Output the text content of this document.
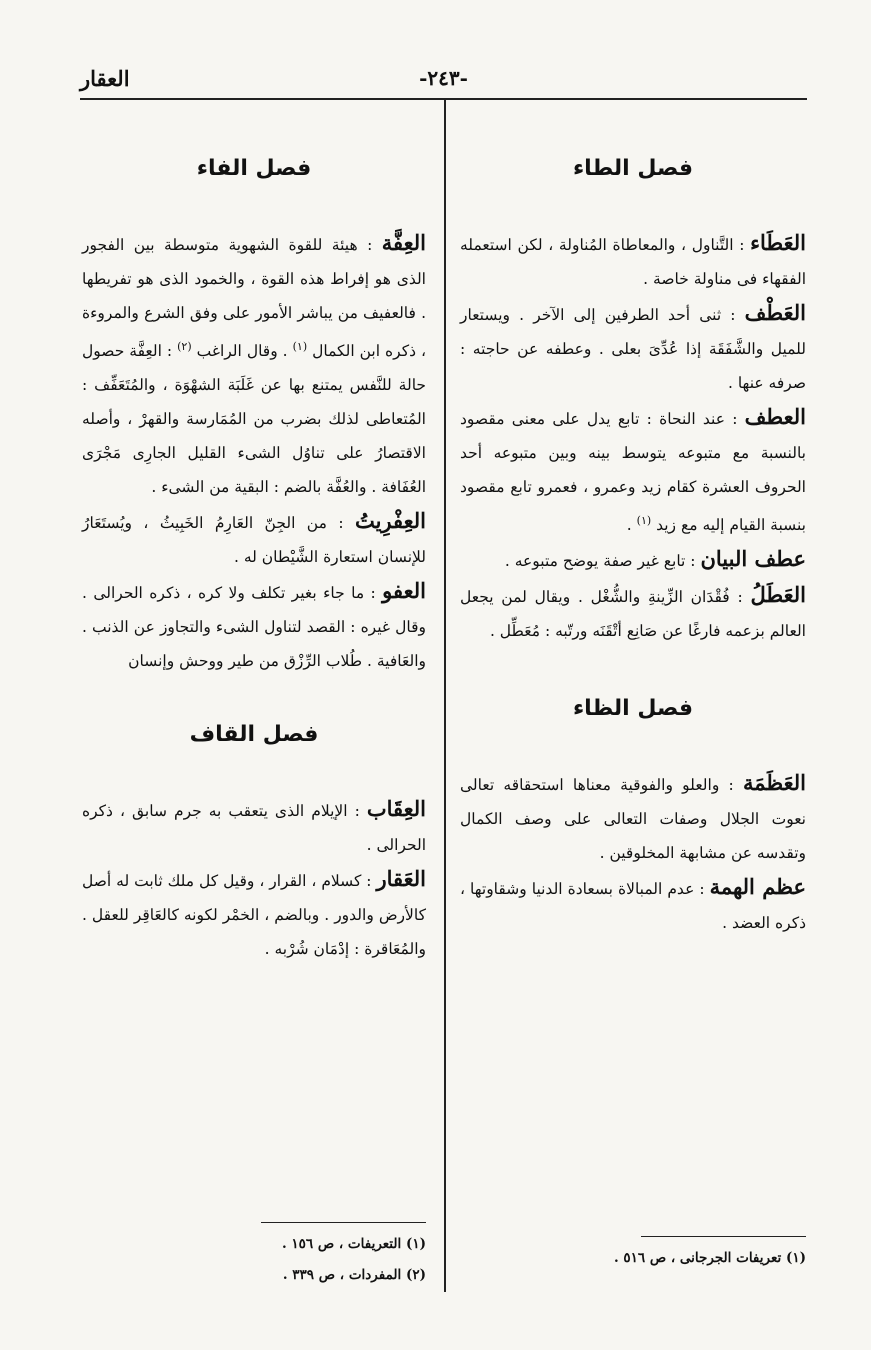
-٢٤٣-
العقار
فصل الطاء

العَطَاء : التَّناول ، والمعاطاة المُناولة ، لكن استعمله الفقهاء فى مناولة خاصة .

العَطْف : ثنى أحد الطرفين إلى الآخر . ويستعار للميل والشَّفَقَة إذا عُدِّىَ بعلى . وعطفه عن حاجته : صرفه عنها .

العطف : عند النحاة : تابع يدل على معنى مقصود بالنسبة مع متبوعه يتوسط بينه وبين متبوعه أحد الحروف العشرة كقام زيد وعمرو ، فعمرو تابع مقصود بنسبة القيام إليه مع زيد $^{(١)}$ .

عطف البيان : تابع غير صفة يوضح متبوعه .

العَطَلُ : فُقْدَان الزِّينةِ والشُّغْل . ويقال لمن يجعل العالم بزعمه فارغًا عن صَانِع أتْقَنَه ورتّبه : مُعَطِّل .

فصل الظاء

العَظَمَة : والعلو والفوقية معناها استحقاقه تعالى نعوت الجلال وصفات التعالى على وصف الكمال وتقدسه عن مشابهة المخلوقين .

عظم الهمة : عدم المبالاة بسعادة الدنيا وشقاوتها ، ذكره العضد .

فصل الفاء

العِفَّة : هيئة للقوة الشهوية متوسطة بين الفجور الذى هو إفراط هذه القوة ، والخمود الذى هو تفريطها . فالعفيف من يباشر الأمور على وفق الشرع والمروءة ، ذكره ابن الكمال $^{(١)}$ . وقال الراغب $^{(٢)}$ : العِفَّة حصول حالة للنَّفس يمتنع بها عن غَلَبَة الشهْوَة ، والمُتَعَفِّف : المُتعاطى لذلك بضرب من المُمَارسة والقهرْ ، وأصله الاقتصارُ على تناوُل الشىء القليل الجارِى مَجْرَى العُفَافة . والعُفَّة بالضم : البقية من الشىء .

العِفْرِيتُ : من الجِنّ العَارِمُ الخَبِيثُ ، ويُستَعَارُ للإنسان استعارة الشَّيْطان له .

العفو : ما جاء بغير تكلف ولا كره ، ذكره الحرالى . وقال غيره : القصد لتناول الشىء والتجاوز عن الذنب . والعَافية . طُلاب الرِّزْق من طير ووحش وإنسان

فصل القاف

العِقَاب : الإيلام الذى يتعقب به جرم سابق ، ذكره الحرالى .

العَقار : كسلام ، القرار ، وقيل كل ملك ثابت له أصل كالأرض والدور . وبالضم ، الخمْر لكونه كالعَاقِر للعقل . والمُعَاقرة : إدْمَان شُرْبه .

(١) تعريفات الجرجانى ، ص ٥١٦ .
(١) التعريفات ، ص ١٥٦ .
(٢) المفردات ، ص ٣٣٩ .
